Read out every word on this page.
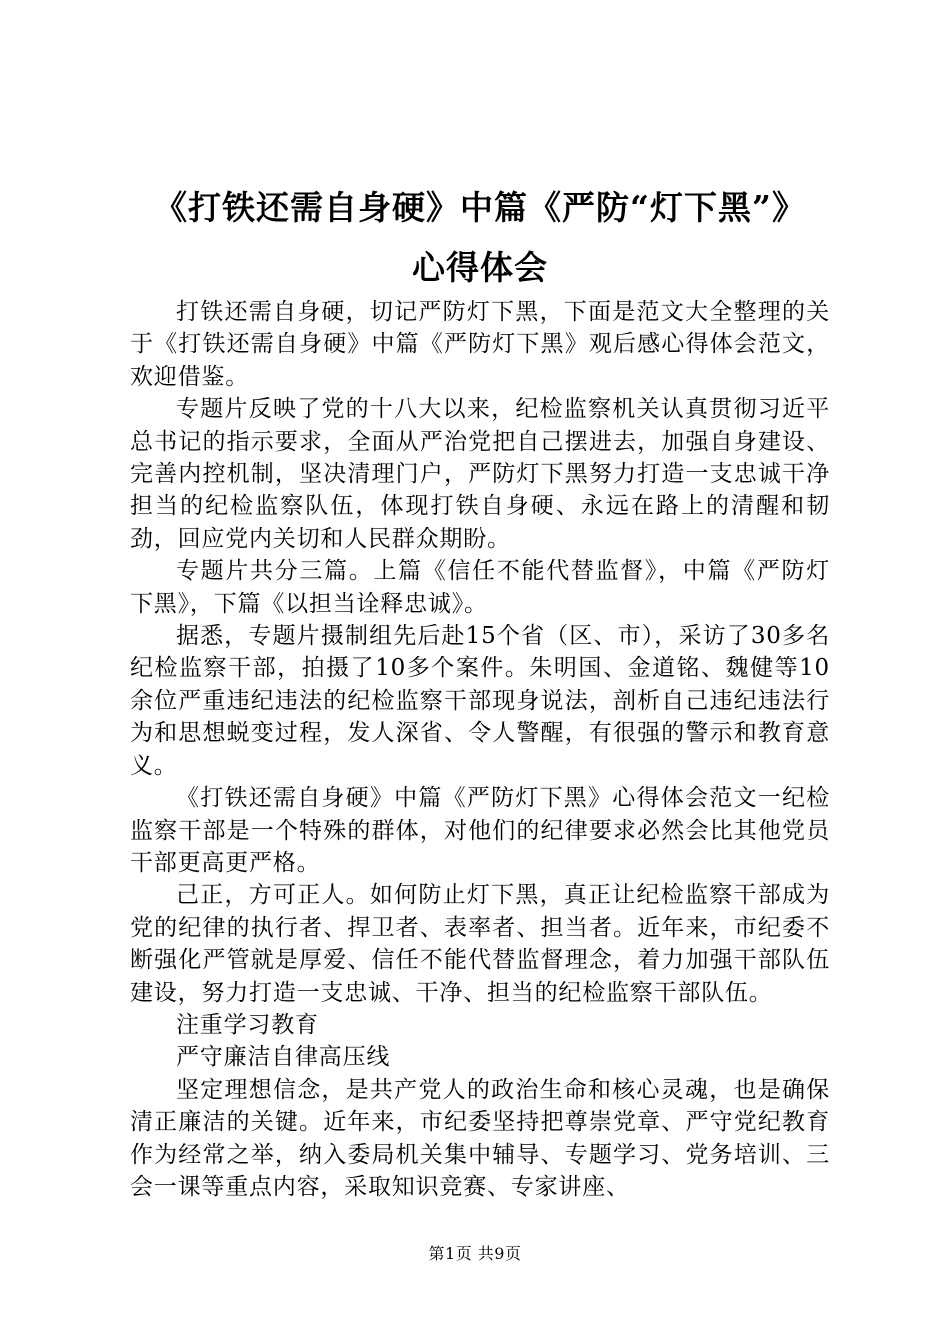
《打铁还需自身硬》中篇《严防“灯下黑”》
心得体会

打铁还需自身硬，切记严防灯下黑，下面是范文大全整理的关于《打铁还需自身硬》中篇《严防灯下黑》观后感心得体会范文，欢迎借鉴。

专题片反映了党的十八大以来，纪检监察机关认真贯彻习近平总书记的指示要求，全面从严治党把自己摆进去，加强自身建设、完善内控机制，坚决清理门户，严防灯下黑努力打造一支忠诚干净担当的纪检监察队伍，体现打铁自身硬、永远在路上的清醒和韧劲，回应党内关切和人民群众期盼。

专题片共分三篇。上篇《信任不能代替监督》，中篇《严防灯下黑》，下篇《以担当诠释忠诚》。

据悉，专题片摄制组先后赴15个省（区、市），采访了30多名纪检监察干部，拍摄了10多个案件。朱明国、金道铭、魏健等10余位严重违纪违法的纪检监察干部现身说法，剖析自己违纪违法行为和思想蜕变过程，发人深省、令人警醒，有很强的警示和教育意义。

《打铁还需自身硬》中篇《严防灯下黑》心得体会范文一纪检监察干部是一个特殊的群体，对他们的纪律要求必然会比其他党员干部更高更严格。

己正，方可正人。如何防止灯下黑，真正让纪检监察干部成为党的纪律的执行者、捍卫者、表率者、担当者。近年来，市纪委不断强化严管就是厚爱、信任不能代替监督理念，着力加强干部队伍建设，努力打造一支忠诚、干净、担当的纪检监察干部队伍。

注重学习教育

严守廉洁自律高压线

坚定理想信念，是共产党人的政治生命和核心灵魂，也是确保清正廉洁的关键。近年来，市纪委坚持把尊崇党章、严守党纪教育作为经常之举，纳入委局机关集中辅导、专题学习、党务培训、三会一课等重点内容，采取知识竞赛、专家讲座、

第1页 共9页
